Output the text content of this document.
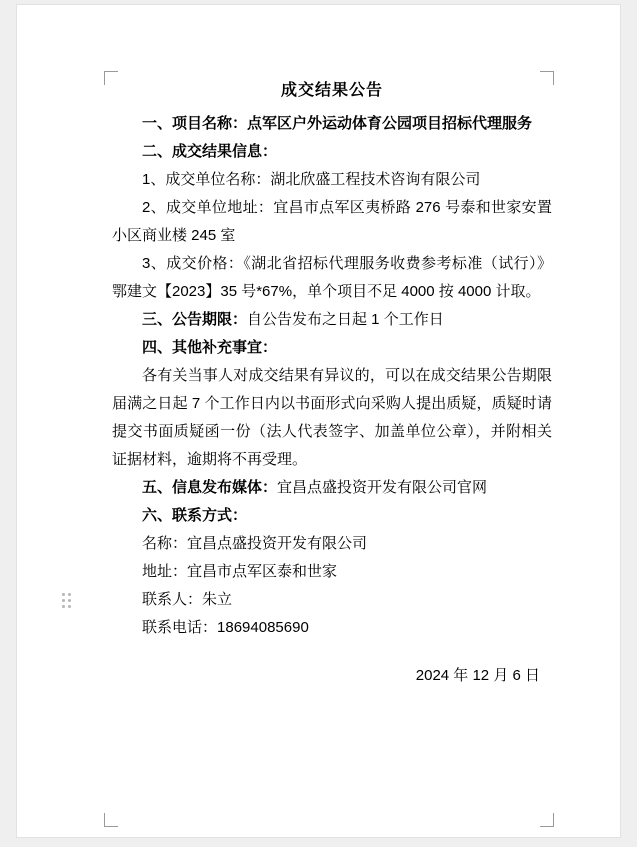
成交结果公告
一、项目名称：点军区户外运动体育公园项目招标代理服务
二、成交结果信息：
1、成交单位名称：湖北欣盛工程技术咨询有限公司
2、成交单位地址：宜昌市点军区夷桥路 276 号泰和世家安置小区商业楼 245 室
3、成交价格：《湖北省招标代理服务收费参考标准（试行）》鄂建文【2023】35 号*67%，单个项目不足 4000 按 4000 计取。
三、公告期限：自公告发布之日起 1 个工作日
四、其他补充事宜：
各有关当事人对成交结果有异议的，可以在成交结果公告期限届满之日起 7 个工作日内以书面形式向采购人提出质疑，质疑时请提交书面质疑函一份（法人代表签字、加盖单位公章），并附相关证据材料，逾期将不再受理。
五、信息发布媒体：宜昌点盛投资开发有限公司官网
六、联系方式：
名称：宜昌点盛投资开发有限公司
地址：宜昌市点军区泰和世家
联系人：朱立
联系电话：18694085690
2024 年 12 月 6 日
